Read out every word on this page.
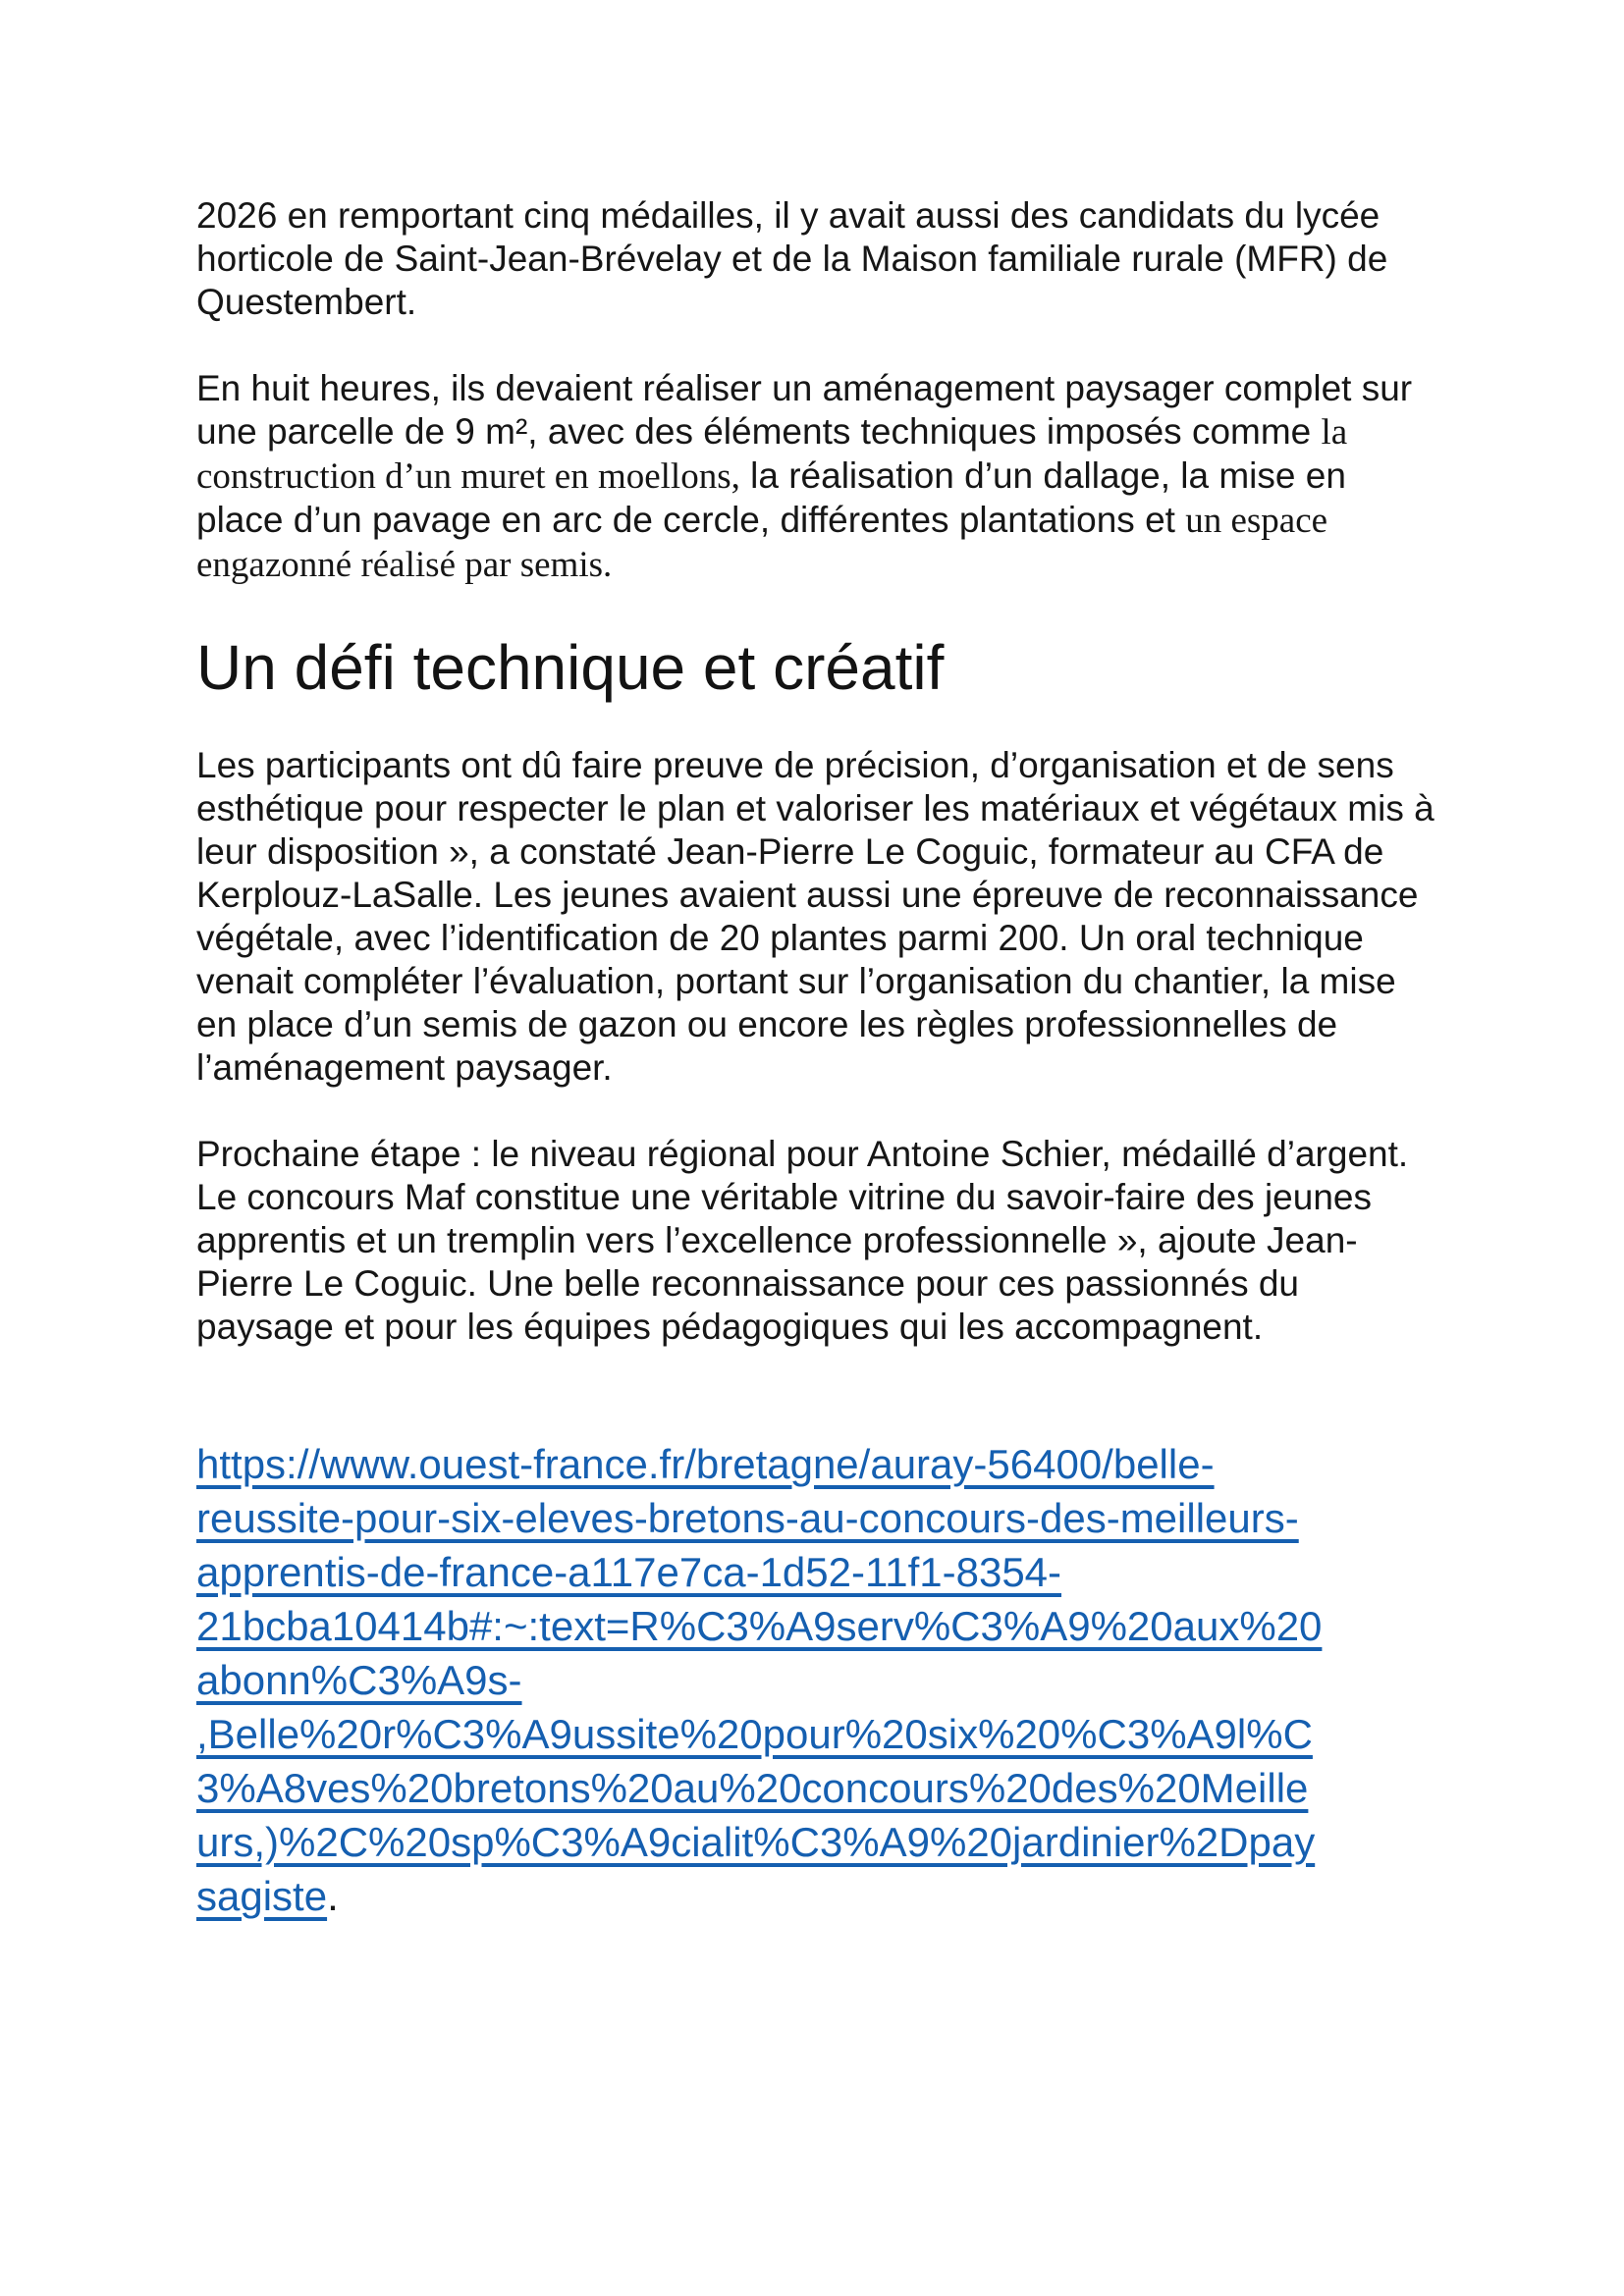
2026 en remportant cinq médailles, il y avait aussi des candidats du lycée horticole de Saint-Jean-Brévelay et de la Maison familiale rurale (MFR) de Questembert.

En huit heures, ils devaient réaliser un aménagement paysager complet sur une parcelle de 9 m², avec des éléments techniques imposés comme la construction d’un muret en moellons, la réalisation d’un dallage, la mise en place d’un pavage en arc de cercle, différentes plantations et un espace engazonné réalisé par semis.

Un défi technique et créatif

Les participants ont dû faire preuve de précision, d’organisation et de sens esthétique pour respecter le plan et valoriser les matériaux et végétaux mis à leur disposition », a constaté Jean-Pierre Le Coguic, formateur au CFA de Kerplouz-LaSalle. Les jeunes avaient aussi une épreuve de reconnaissance végétale, avec l’identification de 20 plantes parmi 200. Un oral technique venait compléter l’évaluation, portant sur l’organisation du chantier, la mise en place d’un semis de gazon ou encore les règles professionnelles de l’aménagement paysager.

Prochaine étape : le niveau régional pour Antoine Schier, médaillé d’argent. Le concours Maf constitue une véritable vitrine du savoir-faire des jeunes apprentis et un tremplin vers l’excellence professionnelle », ajoute Jean-Pierre Le Coguic. Une belle reconnaissance pour ces passionnés du paysage et pour les équipes pédagogiques qui les accompagnent.

https://www.ouest-france.fr/bretagne/auray-56400/belle-
reussite-pour-six-eleves-bretons-au-concours-des-meilleurs-
apprentis-de-france-a117e7ca-1d52-11f1-8354-
21bcba10414b#:~:text=R%C3%A9serv%C3%A9%20aux%20
abonn%C3%A9s-
,Belle%20r%C3%A9ussite%20pour%20six%20%C3%A9l%C
3%A8ves%20bretons%20au%20concours%20des%20Meille
urs,)%2C%20sp%C3%A9cialit%C3%A9%20jardinier%2Dpay
sagiste.
